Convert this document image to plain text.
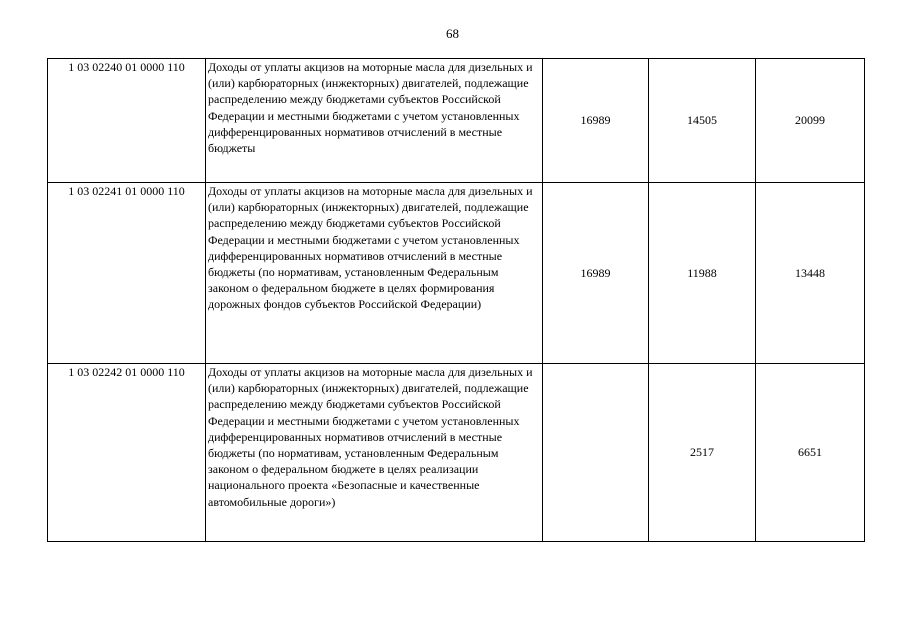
68
1 03 02240 01 0000 110	Доходы от уплаты акцизов на моторные масла для дизельных и (или) карбюраторных (инжекторных) двигателей, подлежащие распределению между бюджетами субъектов Российской Федерации и местными бюджетами с учетом установленных дифференцированных нормативов отчислений в местные бюджеты	16989	14505	20099
1 03 02241 01 0000 110	Доходы от уплаты акцизов на моторные масла для дизельных и (или) карбюраторных (инжекторных) двигателей, подлежащие распределению между бюджетами субъектов Российской Федерации и местными бюджетами с учетом установленных дифференцированных нормативов отчислений в местные бюджеты (по нормативам, установленным Федеральным законом о федеральном бюджете в целях формирования дорожных фондов субъектов Российской Федерации)	16989	11988	13448
1 03 02242 01 0000 110	Доходы от уплаты акцизов на моторные масла для дизельных и (или) карбюраторных (инжекторных) двигателей, подлежащие распределению между бюджетами субъектов Российской Федерации и местными бюджетами с учетом установленных дифференцированных нормативов отчислений в местные бюджеты (по нормативам, установленным Федеральным законом о федеральном бюджете в целях реализации национального проекта «Безопасные и качественные автомобильные дороги»)		2517	6651
